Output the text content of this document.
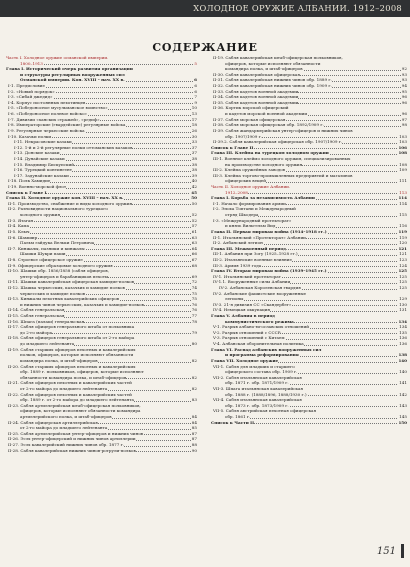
ХОЛОДНОЕ ОРУЖИЕ АЛБАНИИ. 1912–2008
СОДЕРЖАНИЕ
Часть I. Холодное оружие османской империи.
1800–1913	5
Глава I. Исторический очерк развития организации
и структуры регулярных вооруженных сил
Османской империи. Кон. XVIII – нач. XX в.	6
I-1. Предисловие	6
I-2. «Новый порядок»	6
I-3. «Сибай джедид»	7
I-4. Корпус постоянных пехотинцев	9
I-5. «Победоносное мусульманское воинство»	10
I-6. «Победоносное полевое войско»	13
I-7. Дивизии «ханских стражей», «редиф»	17
I-8. Императорские (гвардейские) регулярные войска	18
I-9. Регулярные черкесские войска	26
I-10. Казачьи полки	30
I-11. Некрасовские казаки	33
I-12. 1-й и 2-й регулярные полки оттоманских казаков	37
I-13. Донские казаки	37
I-14. Дунайские казаки	38
I-15. Владимир Бискупский	38
I-16. Турецкий контингент	38
I-17. Задунайские казаки	39
I-18. Полк Хамидие	40
I-19. Военно-морской флот	42
Список к Главе I	45
Глава II. Холодное оружие кон. XVIII – нач. XX в.	50
II-1. Производство, снабжение и виды холодного оружия	50
II-2. Разновидности национального турецкого
холодного оружия	52
II-3. Ятаган	52
II-4. Кама	57
II-5. Клыч	61
II-6. Шамшир	63
Пальм гайдука Вельки Петровича	63
II-7. Кинжалы, пазники и кинжалы	64
Шашки Шукри паши	66
II-8. Строевое офицерское оружие	67
II-9. Офицерские образцовые холодного оружия	68
II-10. Шашки обр. 1856/1858 (сабля офицеров,
унтер-офицеров и барабанщиков пехоты	69
II-11. Шашки кавалерийская офицерская хамидие-полков	72
II-12. Шашка черкесских, казачьих и хамидие полков	74
черкесских и хамидие полков	75
II-13. Кинжалы пехотных кавалерийских офицеров	75
и нижних чинов черкесских, казачьих и хамидие-полков	76
II-14. Сабля генеральская	76
II-15. Сабля генеральская	77
II-16. Шпага (палаш) генеральская	78
II-17. Сабля офицеров генерального штаба от полковника
до 2-го майора	79
II-18. Сабля офицеров генерального штаба от 2-го майора
до младшего лейтенанта	80
II-19. Сабля старших офицеров пехотных и кавалерийских
полков, офицеров, которые исполняют обязанности
командира полка, и штаб-офицеров	82
II-20. Сабля старших офицеров пехотных и кавалерийских
обр. 1889 г. полковников, офицеров, которые исполняют
обязанности командира полка, и штаб-офицеров	82
II-21. Сабля офицеров пехотных и кавалерийских частей
от 2-го майора до младшего лейтенанта	82
II-22. Сабля офицеров пехотных и кавалерийских частей
обр. 1889 г. от 2-го майора до младшего лейтенанта	83
II-23. Сабля артиллерийская штаб-офицерская полковников,
офицеров, которые исполняют обязанности командира
артиллерийского полка, и штаб-офицеров	84
II-24. Сабля офицерская артиллерийская	84
от 2-го майора до младшего лейтенанта	85
II-25. Сабля артиллерийская унтер-офицеров и нижних чинов	87
II-26. Эсэх унтер-офицерский и нижних чинов артиллерии	87
II-27. Эсэх кавалерийский нижних чинов обр. 1877 г.	88
II-28. Сабля кавалерийская нижних чинов-ротрули-полков	90
II-19. Сабля кавалерийская штаб-офицерская полковников,
офицеров, которые исполняют обязанности
командира полка, и штаб-офицеров	92
II-30. Сабля кавалерийская офицерская	93
II-31. Сабля кавалерийская нижних чинов обр. 1889 г.	93
II-32. Сабля кавалерийская нижних чинов обр. 1909 г.	94
II-33. Сабля кадетов военной академии	95
II-34. Сабля кадетов военной академии	96
II-35. Сабля кадетов военной академии	96
II-36. Кортик морской офицерский
и кадетов морской военной академии	96
II-37. Сабля морская офицерская	97
II-38. Сабля морская офицерская обр. 1892/1909 г.	98
II-39. Сабля жандармерийская унтер-офицеров и нижних чинов
обр. 1907/1909 г.	103
II-39.2. Сабля кавалерийская офицерская обр. 1907/1909 г.	103
Список к Главе II	106
Глава III. Клейма на турецком холодном оружии	108
III-1. Военное клеймо холодного оружия, специализированных
на производстве холодного оружия	108
III-2. Клейма оружейных заводов	109
III-3. Клейма торгово-промышленных предприятий и магазинов
офицерских вещей	111
Часть II. Холодное оружие Албании.
1912–2008	113
Глава I. Борьба за независимость Албании	114
I-1. Начало формирования армии	114
I-2. Эпоха Топтани и Международный
отряд Шкодера	115
I-3. «Международный протекторат»
и князь Вильгельм Вид	116
Глава II. Первая мировая война (1914–1918 гг.)	119
II-1. Итальянский «Протекторат» Албании	119
II-2. Албанский легион	120
Глава III. Межвоенный период.	121
III-1. Албания при Зогу (1925–1928 гг.)	121
III-2. Итальянские военные влияние	123
III-3. Армия 1939 года	124
Глава IV. Вторая мировая война (1939–1945 гг.)	125
IV-1. Итальянский протекторат	125
IV-1.1. Вооруженные силы Албании	125
IV-2. Албанская Королевская гвардия	125
IV-2. Албанские фашистские вооруженные
легионы	129
IV-3. 21-я дивизия СС «Скандербег»	130
IV-4. Немецкая оккупация	131
Глава V. Албания в период
коммунистического режима	134
V-1. Разрыв албано-югославских отношений	134
V-2. Разрыв отношений с СССР	135
V-3. Разрыв отношений с Китаем	136
V-4. Албанская оборонительная политика	136
Глава VI. Распад албанских вооруженных сил
и программа реформирования	138
Глава VII. Холодное оружие	140
VII-1. Сабля для младших и старшего
офицерского состава обр. 1909 г.	140
VII-2. Сабля итальянская кавалерийская
обр. 1871 г. обр. 1871/1909 г.	141
VII-3. Шпага итальянская кавалерийская
обр. 1888 г. (1888/1896, 1888/1930 г.)	142
VII-4. Сабля итальянская кавалерийская
обр. 1873 г. обр. 1873/1909 г.	143
VII-5. Сабля австрийская пехотная офицерская
обр. 1861 г.	145
Список к Части II	150
151
